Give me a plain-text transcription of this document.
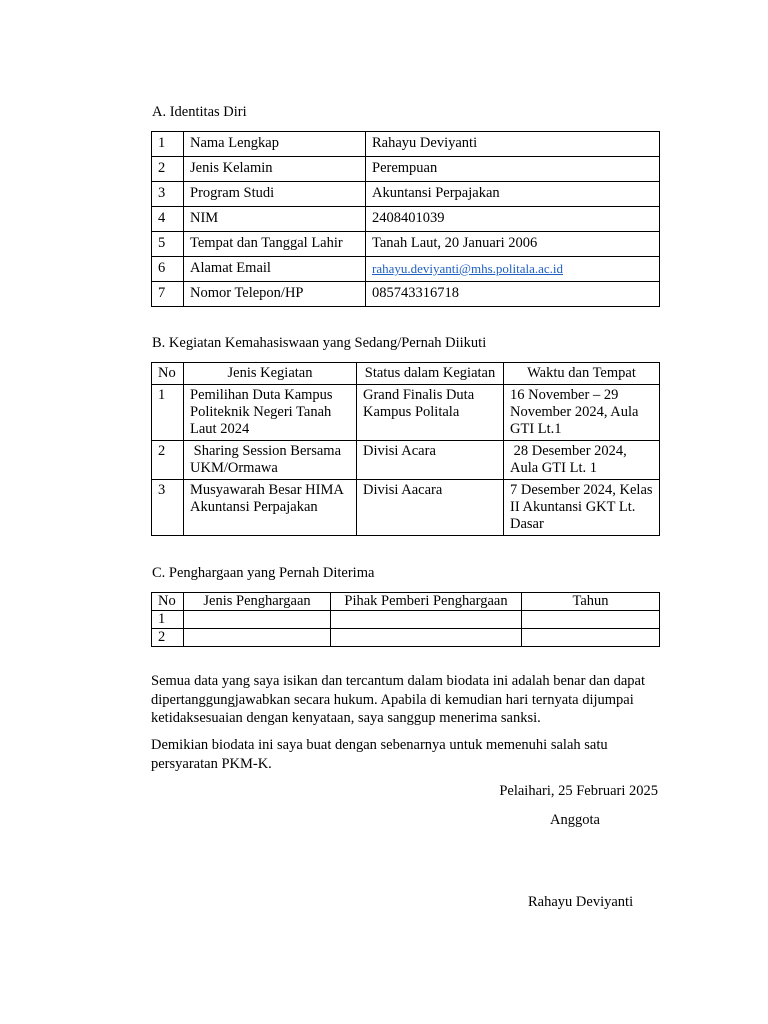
A. Identitas Diri
1	Nama Lengkap	Rahayu Deviyanti
2	Jenis Kelamin	Perempuan
3	Program Studi	Akuntansi Perpajakan
4	NIM	2408401039
5	Tempat dan Tanggal Lahir	Tanah Laut, 20 Januari 2006
6	Alamat Email	rahayu.deviyanti@mhs.politala.ac.id
7	Nomor Telepon/HP	085743316718
B. Kegiatan Kemahasiswaan yang Sedang/Pernah Diikuti
No	Jenis Kegiatan	Status dalam Kegiatan	Waktu dan Tempat
1	Pemilihan Duta Kampus Politeknik Negeri Tanah Laut 2024	Grand Finalis Duta Kampus Politala	16 November – 29 November 2024, Aula GTI Lt.1
2	Sharing Session Bersama UKM/Ormawa	Divisi Acara	28 Desember 2024, Aula GTI Lt. 1
3	Musyawarah Besar HIMA Akuntansi Perpajakan	Divisi Aacara	7 Desember 2024, Kelas II Akuntansi GKT Lt. Dasar
C. Penghargaan yang Pernah Diterima
No	Jenis Penghargaan	Pihak Pemberi Penghargaan	Tahun
1			
2			
Semua data yang saya isikan dan tercantum dalam biodata ini adalah benar dan dapat dipertanggungjawabkan secara hukum. Apabila di kemudian hari ternyata dijumpai ketidaksesuaian dengan kenyataan, saya sanggup menerima sanksi.
Demikian biodata ini saya buat dengan sebenarnya untuk memenuhi salah satu persyaratan PKM-K.
Pelaihari, 25 Februari 2025
Anggota
Rahayu Deviyanti
